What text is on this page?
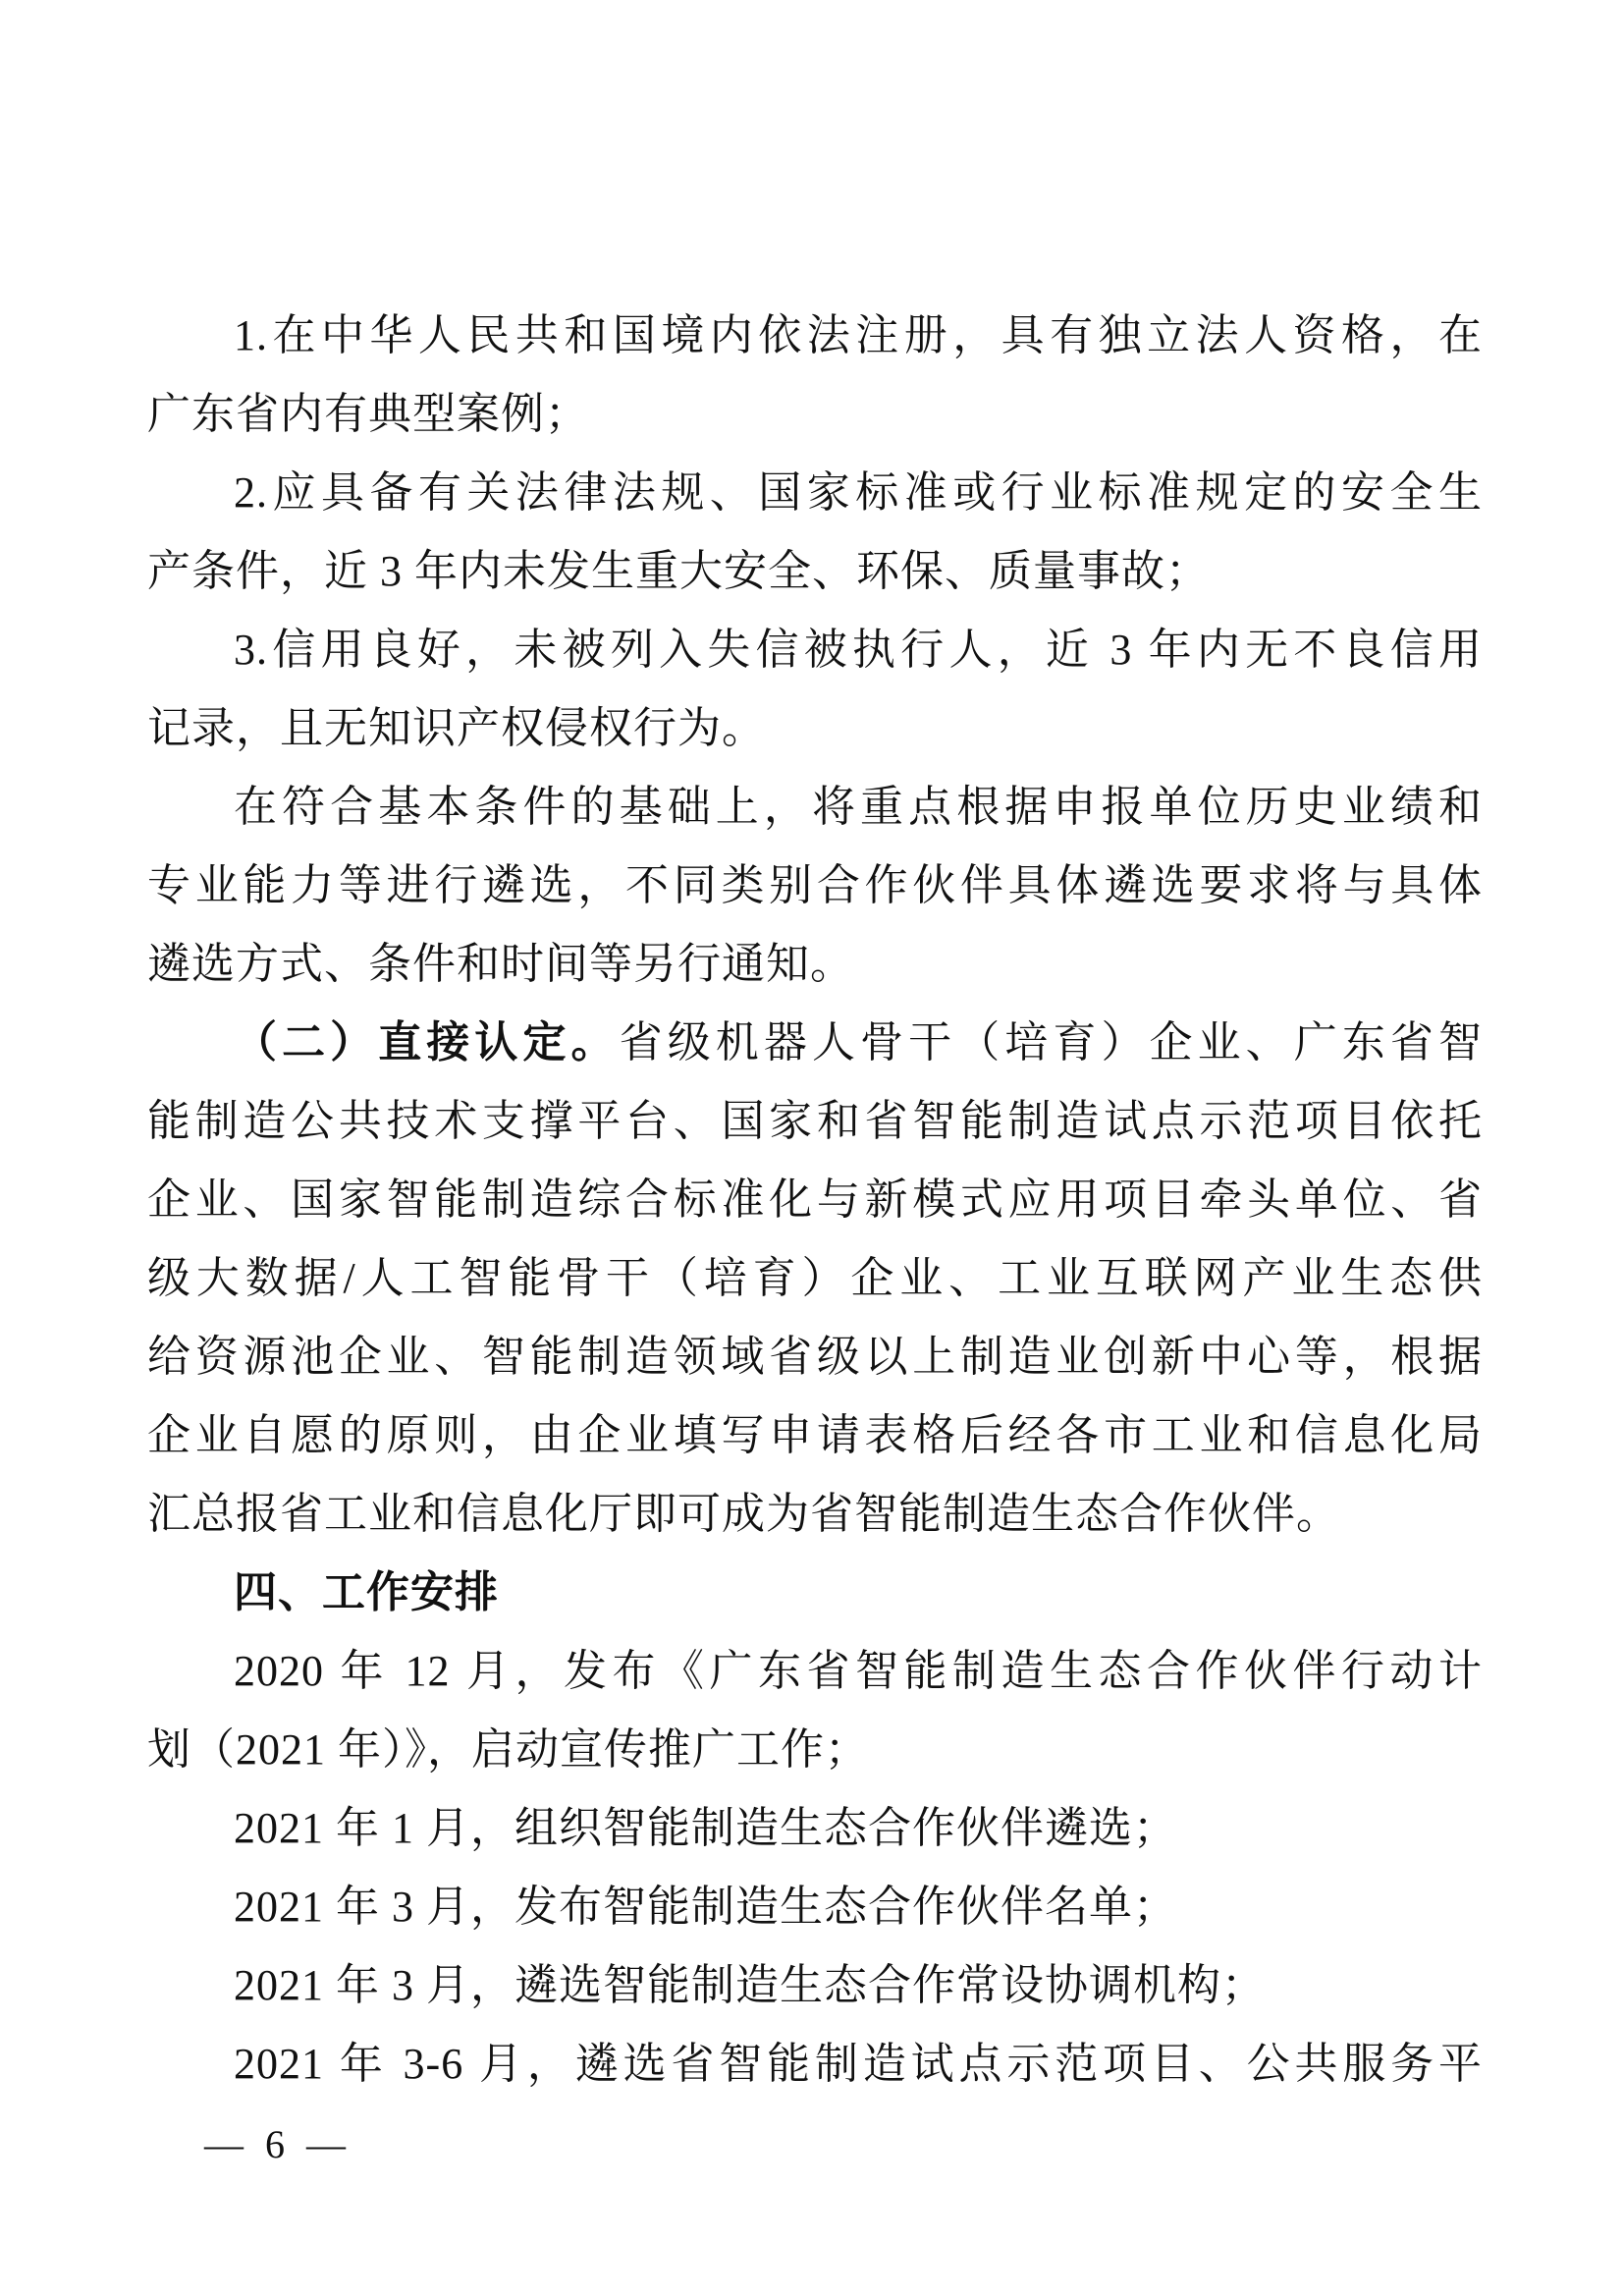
1.在中华人民共和国境内依法注册，具有独立法人资格，在
广东省内有典型案例；
2.应具备有关法律法规、国家标准或行业标准规定的安全生
产条件，近 3 年内未发生重大安全、环保、质量事故；
3.信用良好，未被列入失信被执行人，近 3 年内无不良信用
记录，且无知识产权侵权行为。
在符合基本条件的基础上，将重点根据申报单位历史业绩和
专业能力等进行遴选，不同类别合作伙伴具体遴选要求将与具体
遴选方式、条件和时间等另行通知。
（二）直接认定。省级机器人骨干（培育）企业、广东省智
能制造公共技术支撑平台、国家和省智能制造试点示范项目依托
企业、国家智能制造综合标准化与新模式应用项目牵头单位、省
级大数据/人工智能骨干（培育）企业、工业互联网产业生态供
给资源池企业、智能制造领域省级以上制造业创新中心等，根据
企业自愿的原则，由企业填写申请表格后经各市工业和信息化局
汇总报省工业和信息化厅即可成为省智能制造生态合作伙伴。
四、工作安排
2020 年 12 月，发布《广东省智能制造生态合作伙伴行动计
划（2021 年）》，启动宣传推广工作；
2021 年 1 月，组织智能制造生态合作伙伴遴选；
2021 年 3 月，发布智能制造生态合作伙伴名单；
2021 年 3 月，遴选智能制造生态合作常设协调机构；
2021 年 3-6 月，遴选省智能制造试点示范项目、公共服务平
— 6 —
